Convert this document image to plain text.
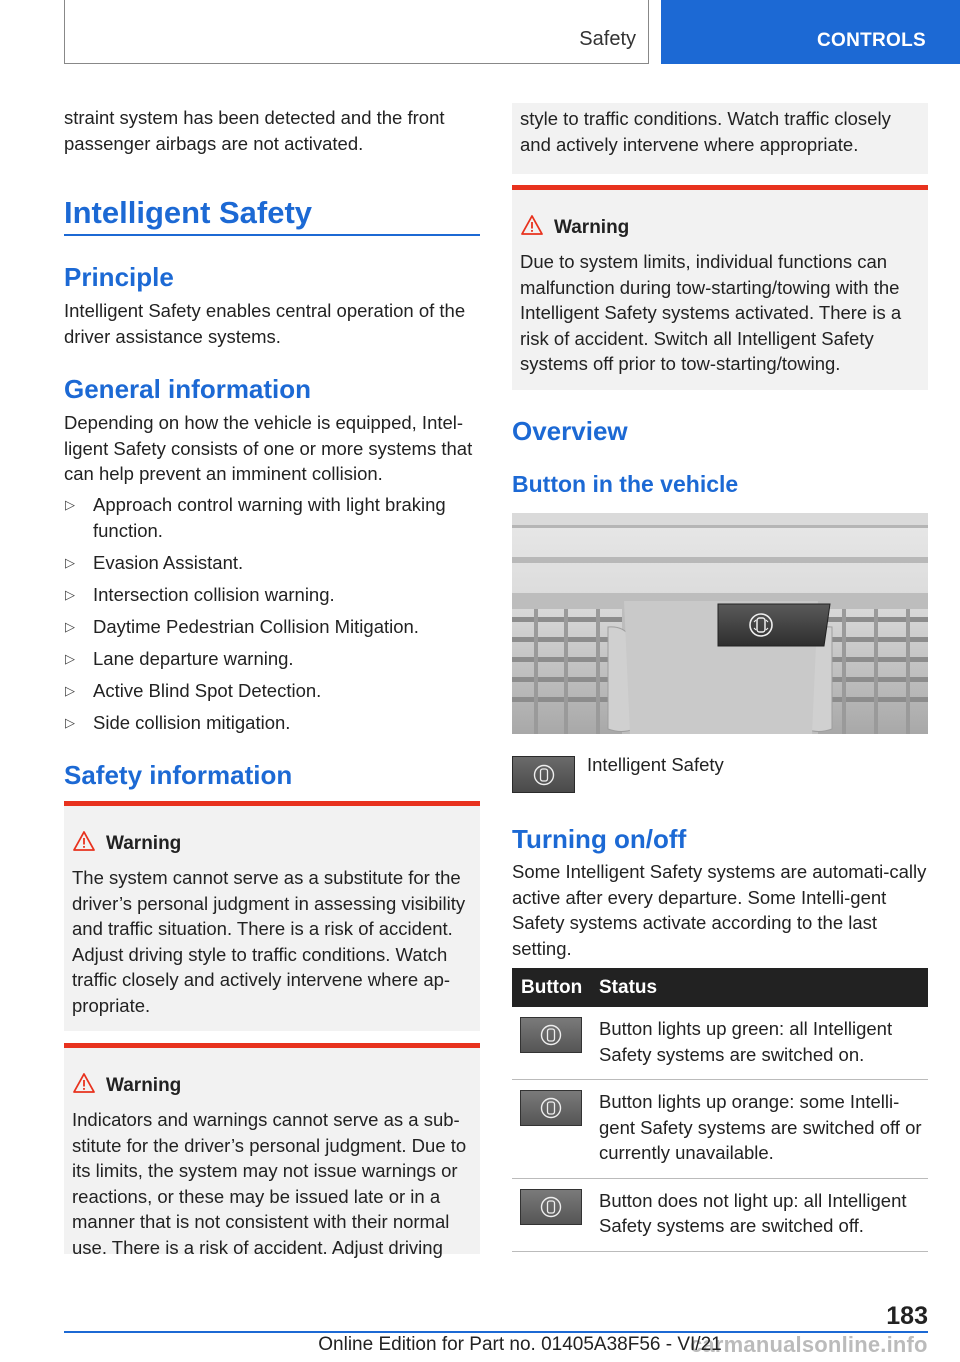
Safety	CONTROLS

straint system has been detected and the front passenger airbags are not activated.

Intelligent Safety
Principle

Intelligent Safety enables central operation of the driver assistance systems.

General information

Depending on how the vehicle is equipped, Intel‐ligent Safety consists of one or more systems that can help prevent an imminent collision.

▷ Approach control warning with light braking function.
▷ Evasion Assistant.
▷ Intersection collision warning.
▷ Daytime Pedestrian Collision Mitigation.
▷ Lane departure warning.
▷ Active Blind Spot Detection.
▷ Side collision mitigation.
Safety information
Warning

The system cannot serve as a substitute for the driver’s personal judgment in assessing visibility and traffic situation. There is a risk of accident. Adjust driving style to traffic conditions. Watch traffic closely and actively intervene where ap‐propriate.

Warning

Indicators and warnings cannot serve as a sub‐stitute for the driver’s personal judgment. Due to its limits, the system may not issue warnings or reactions, or these may be issued late or in a manner that is not consistent with their normal use. There is a risk of accident. Adjust driving

style to traffic conditions. Watch traffic closely and actively intervene where appropriate.

Warning

Due to system limits, individual functions can malfunction during tow-starting/towing with the Intelligent Safety systems activated. There is a risk of accident. Switch all Intelligent Safety systems off prior to tow-starting/towing.

Overview
Button in the vehicle
Turning on/off

Some Intelligent Safety systems are automati‐cally active after every departure. Some Intelli‐gent Safety systems activate according to the last setting.

Intelligent Safety
Button	Status

	Button lights up green: all Intelligent Safety systems are switched on.

	Button lights up orange: some Intelli‐gent Safety systems are switched off or currently unavailable.

	Button does not light up: all Intelligent Safety systems are switched off.
183
carmanualsonline.info
Online Edition for Part no. 01405A38F56 - VI/21
